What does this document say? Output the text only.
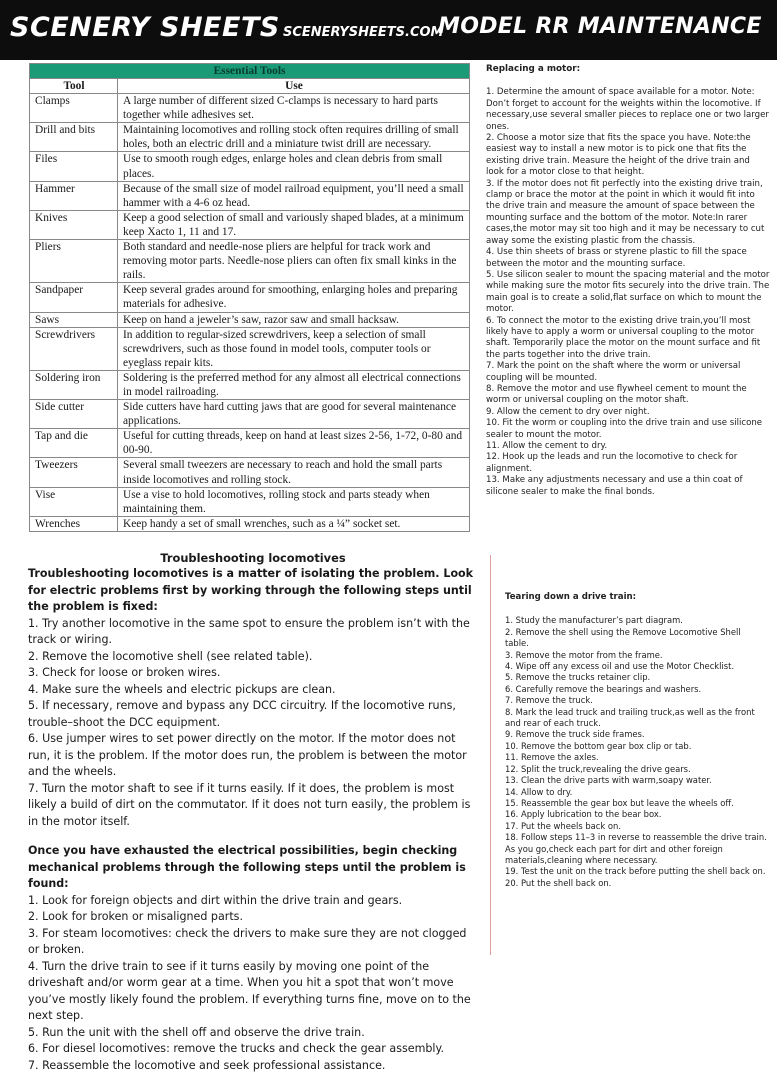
SCENERY SHEETS SCENERYSHEETS.COM
MODEL RR MAINTENANCE
Essential Tools	
Tool	Use
Clamps	A large number of different sized C-clamps is necessary to hard parts together while adhesives set.
Drill and bits	Maintaining locomotives and rolling stock often requires drilling of small holes, both an electric drill and a miniature twist drill are necessary.
Files	Use to smooth rough edges, enlarge holes and clean debris from small places.
Hammer	Because of the small size of model railroad equipment, you’ll need a small hammer with a 4-6 oz head.
Knives	Keep a good selection of small and variously shaped blades, at a minimum keep Xacto 1, 11 and 17.
Pliers	Both standard and needle-nose pliers are helpful for track work and removing motor parts. Needle-nose pliers can often fix small kinks in the rails.
Sandpaper	Keep several grades around for smoothing, enlarging holes and preparing materials for adhesive.
Saws	Keep on hand a jeweler’s saw, razor saw and small hacksaw.
Screwdrivers	In addition to regular-sized screwdrivers, keep a selection of small screwdrivers, such as those found in model tools, computer tools or eyeglass repair kits.
Soldering iron	Soldering is the preferred method for any almost all electrical connections in model railroading.
Side cutter	Side cutters have hard cutting jaws that are good for several maintenance applications.
Tap and die	Useful for cutting threads, keep on hand at least sizes 2-56, 1-72, 0-80 and 00-90.
Tweezers	Several small tweezers are necessary to reach and hold the small parts inside locomotives and rolling stock.
Vise	Use a vise to hold locomotives, rolling stock and parts steady when maintaining them.
Wrenches	Keep handy a set of small wrenches, such as a ¼” socket set.
Replacing a motor:
1. Determine the amount of space available for a motor. Note: Don’t forget to account for the weights within the locomotive. If necessary,use several smaller pieces to replace one or two larger ones.
2. Choose a motor size that fits the space you have. Note:the easiest way to install a new motor is to pick one that fits the existing drive train. Measure the height of the drive train and look for a motor close to that height.
3. If the motor does not fit perfectly into the existing drive train, clamp or brace the motor at the point in which it would fit into the drive train and measure the amount of space between the mounting surface and the bottom of the motor. Note:In rarer cases,the motor may sit too high and it may be necessary to cut away some the existing plastic from the chassis.
4. Use thin sheets of brass or styrene plastic to fill the space between the motor and the mounting surface.
5. Use silicon sealer to mount the spacing material and the motor while making sure the motor fits securely into the drive train. The main goal is to create a solid,flat surface on which to mount the motor.
6. To connect the motor to the existing drive train,you’ll most likely have to apply a worm or universal coupling to the motor shaft. Temporarily place the motor on the mount surface and fit the parts together into the drive train.
7. Mark the point on the shaft where the worm or universal coupling will be mounted.
8. Remove the motor and use flywheel cement to mount the worm or universal coupling on the motor shaft.
9. Allow the cement to dry over night.
10. Fit the worm or coupling into the drive train and use silicone sealer to mount the motor.
11. Allow the cement to dry.
12. Hook up the leads and run the locomotive to check for alignment.
13. Make any adjustments necessary and use a thin coat of silicone sealer to make the final bonds.
Troubleshooting locomotives

Troubleshooting locomotives is a matter of isolating the problem. Look for electric problems first by working through the following steps until the problem is fixed:

1. Try another locomotive in the same spot to ensure the problem isn’t with the track or wiring.
2. Remove the locomotive shell (see related table).
3. Check for loose or broken wires.
4. Make sure the wheels and electric pickups are clean.
5. If necessary, remove and bypass any DCC circuitry. If the locomotive runs, trouble–shoot the DCC equipment.
6. Use jumper wires to set power directly on the motor. If the motor does not run, it is the problem. If the motor does run, the problem is between the motor and the wheels.
7. Turn the motor shaft to see if it turns easily. If it does, the problem is most likely a build of dirt on the commutator. If it does not turn easily, the problem is in the motor itself.

Once you have exhausted the electrical possibilities, begin checking mechanical problems through the following steps until the problem is found:

1. Look for foreign objects and dirt within the drive train and gears.
2. Look for broken or misaligned parts.
3. For steam locomotives: check the drivers to make sure they are not clogged or broken.
4. Turn the drive train to see if it turns easily by moving one point of the driveshaft and/or worm gear at a time. When you hit a spot that won’t move you’ve mostly likely found the problem. If everything turns fine, move on to the next step.
5. Run the unit with the shell off and observe the drive train.
6. For diesel locomotives: remove the trucks and check the gear assembly.
7. Reassemble the locomotive and seek professional assistance.
Tearing down a drive train:
1. Study the manufacturer’s part diagram.
2. Remove the shell using the Remove Locomotive Shell table.
3. Remove the motor from the frame.
4. Wipe off any excess oil and use the Motor Checklist.
5. Remove the trucks retainer clip.
6. Carefully remove the bearings and washers.
7. Remove the truck.
8. Mark the lead truck and trailing truck,as well as the front and rear of each truck.
9. Remove the truck side frames.
10. Remove the bottom gear box clip or tab.
11. Remove the axles.
12. Split the truck,revealing the drive gears.
13. Clean the drive parts with warm,soapy water.
14. Allow to dry.
15. Reassemble the gear box but leave the wheels off.
16. Apply lubrication to the bear box.
17. Put the wheels back on.
18. Follow steps 11–3 in reverse to reassemble the drive train. As you go,check each part for dirt and other foreign materials,cleaning where necessary.
19. Test the unit on the track before putting the shell back on.
20. Put the shell back on.
